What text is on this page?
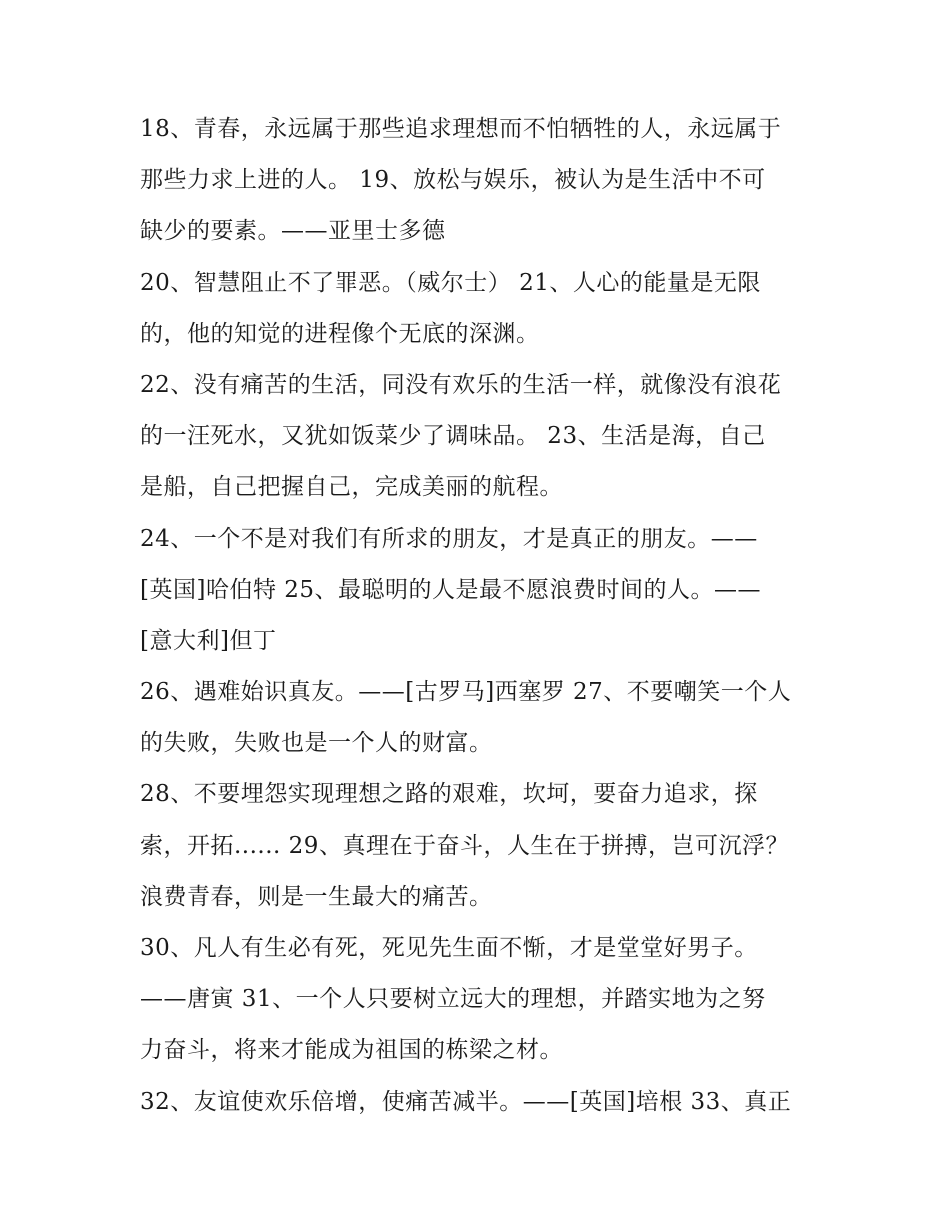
18、青春，永远属于那些追求理想而不怕牺牲的人，永远属于
那些力求上进的人。 19、放松与娱乐，被认为是生活中不可
缺少的要素。——亚里士多德
20、智慧阻止不了罪恶。（威尔士） 21、人心的能量是无限
的，他的知觉的进程像个无底的深渊。
22、没有痛苦的生活，同没有欢乐的生活一样，就像没有浪花
的一汪死水，又犹如饭菜少了调味品。 23、生活是海，自己
是船，自己把握自己，完成美丽的航程。
24、一个不是对我们有所求的朋友，才是真正的朋友。——
[英国]哈伯特 25、最聪明的人是最不愿浪费时间的人。——
[意大利]但丁
26、遇难始识真友。——[古罗马]西塞罗 27、不要嘲笑一个人
的失败，失败也是一个人的财富。
28、不要埋怨实现理想之路的艰难，坎坷，要奋力追求，探
索，开拓...... 29、真理在于奋斗，人生在于拼搏，岂可沉浮？
浪费青春，则是一生最大的痛苦。
30、凡人有生必有死，死见先生面不惭，才是堂堂好男子。
——唐寅 31、一个人只要树立远大的理想，并踏实地为之努
力奋斗，将来才能成为祖国的栋梁之材。
32、友谊使欢乐倍增，使痛苦减半。——[英国]培根 33、真正
